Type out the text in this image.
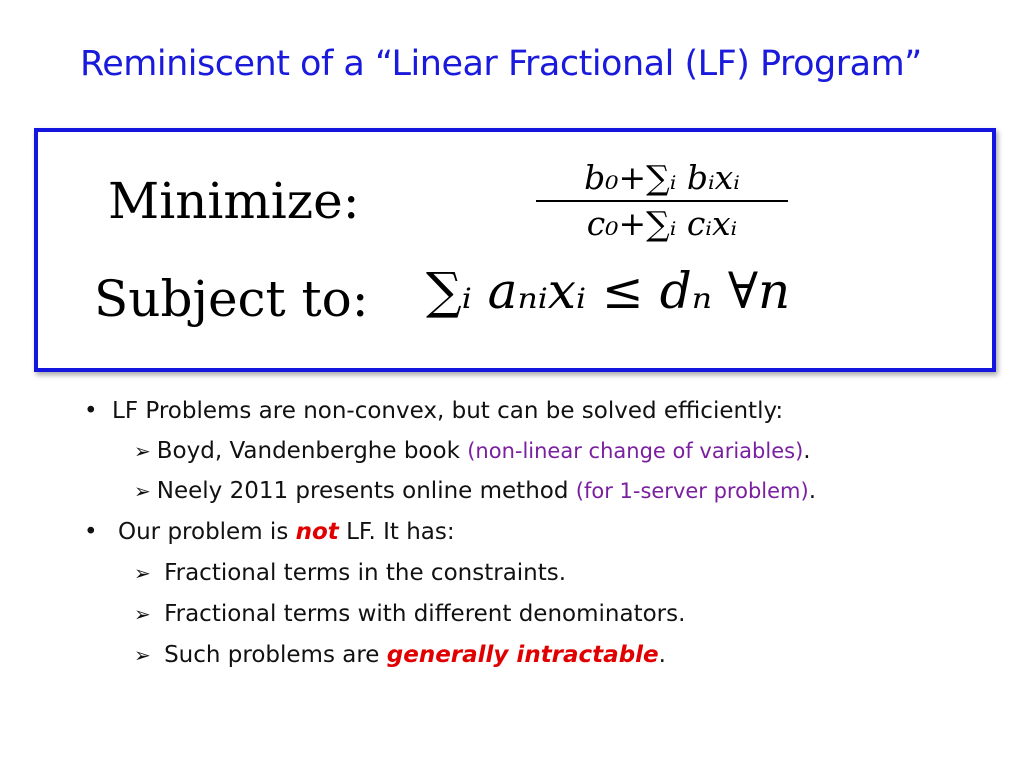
Reminiscent of a “Linear Fractional (LF) Program”
Minimize:	b₀+∑ᵢ bᵢxᵢ
c₀+∑ᵢ cᵢxᵢ
Subject to: ∑ᵢ aₙᵢxᵢ ≤ dₙ ∀n
• LF Problems are non-convex, but can be solved efficiently:
➢ Boyd, Vandenberghe book (non-linear change of variables).
➢ Neely 2011 presents online method (for 1-server problem).
• Our problem is not LF. It has:
➢ Fractional terms in the constraints.
➢ Fractional terms with different denominators.
➢ Such problems are generally intractable.
